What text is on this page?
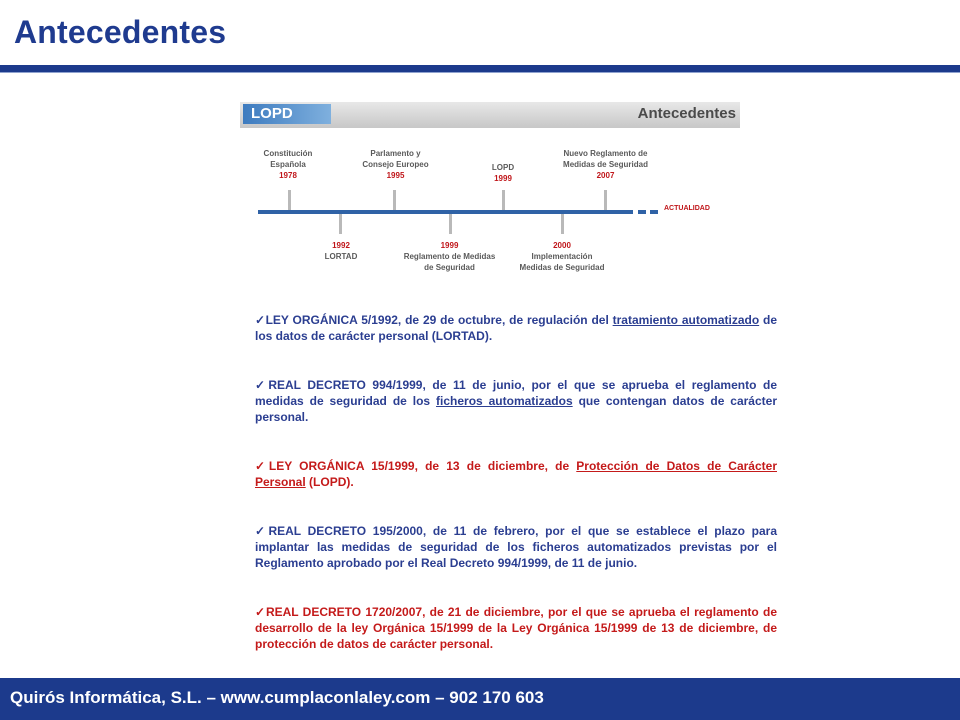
Antecedentes
LOPD	Antecedentes
ACTUALIDAD
Constitución
Española
1978
Parlamento y
Consejo Europeo
1995
LOPD
1999
Nuevo Reglamento de
Medidas de Seguridad
2007
1992
LORTAD
1999
Reglamento de Medidas
de Seguridad
2000
Implementación
Medidas de Seguridad

✓LEY ORGÁNICA 5/1992, de 29 de octubre, de regulación del tratamiento automatizado de los datos de carácter personal (LORTAD).

✓REAL DECRETO 994/1999, de 11 de junio, por el que se aprueba el reglamento de medidas de seguridad de los ficheros automatizados que contengan datos de carácter personal.

✓LEY ORGÁNICA 15/1999, de 13 de diciembre, de Protección de Datos de Carácter Personal (LOPD).

✓REAL DECRETO 195/2000, de 11 de febrero, por el que se establece el plazo para implantar las medidas de seguridad de los ficheros automatizados previstas por el Reglamento aprobado por el Real Decreto 994/1999, de 11 de junio.

✓REAL DECRETO 1720/2007, de 21 de diciembre, por el que se aprueba el reglamento de desarrollo de la ley Orgánica 15/1999 de la Ley Orgánica 15/1999 de 13 de diciembre, de protección de datos de carácter personal.

Quirós Informática, S.L. – www.cumplaconlaley.com – 902 170 603
